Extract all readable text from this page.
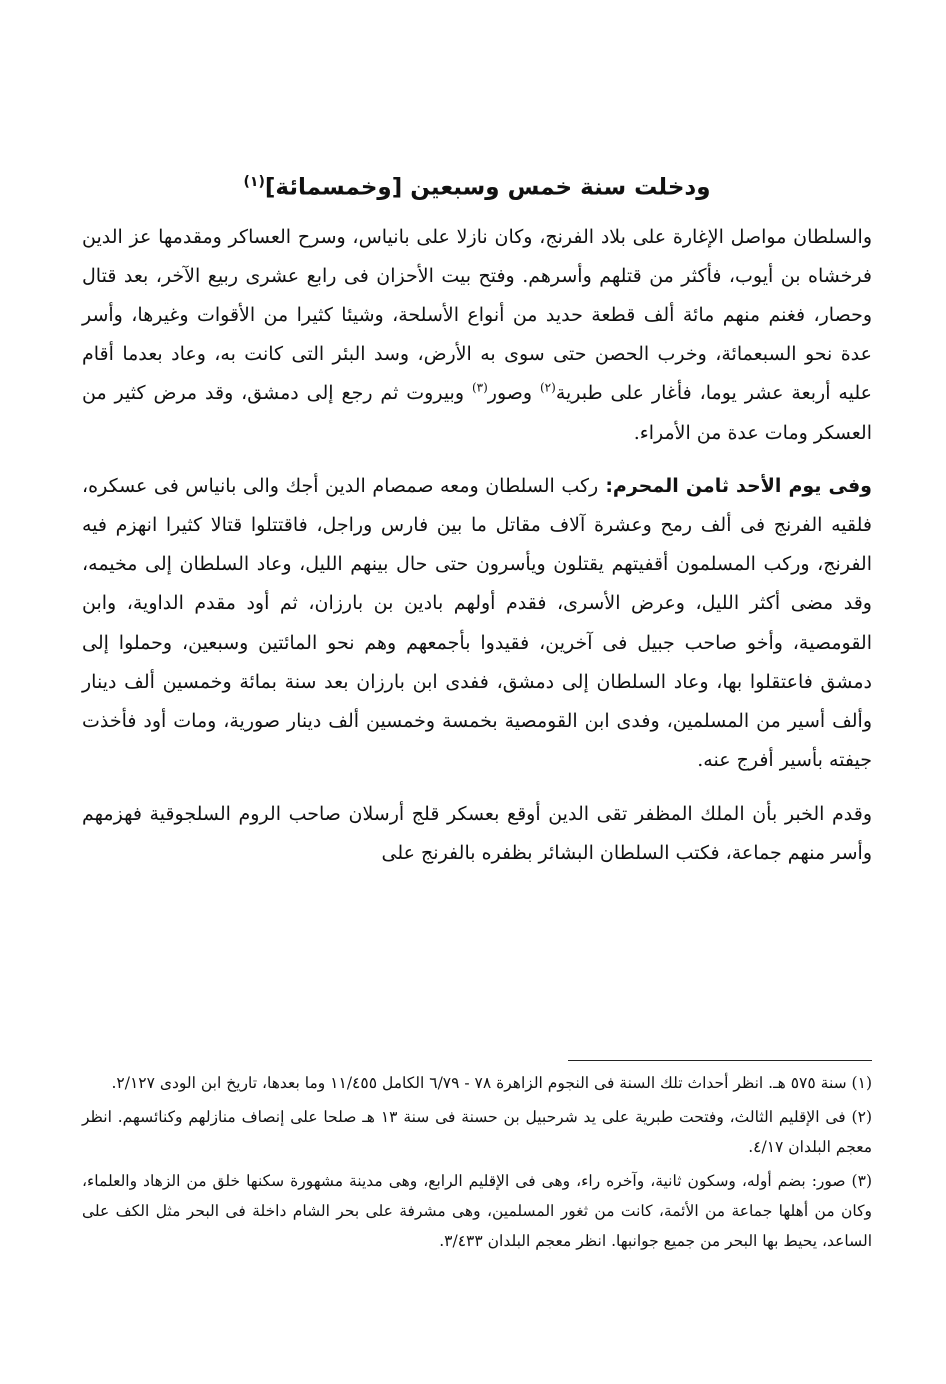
ودخلت سنة خمس وسبعين [وخمسمائة]$^{(١)}$

والسلطان مواصل الإغارة على بلاد الفرنج، وكان نازلا على بانياس، وسرح العساكر ومقدمها عز الدين فرخشاه بن أيوب، فأكثر من قتلهم وأسرهم. وفتح بيت الأحزان فى رابع عشرى ربيع الآخر، بعد قتال وحصار، فغنم منهم مائة ألف قطعة حديد من أنواع الأسلحة، وشيئا كثيرا من الأقوات وغيرها، وأسر عدة نحو السبعمائة، وخرب الحصن حتى سوى به الأرض، وسد البئر التى كانت به، وعاد بعدما أقام عليه أربعة عشر يوما، فأغار على طبرية$^{(٢)}$ وصور$^{(٣)}$ وبيروت ثم رجع إلى دمشق، وقد مرض كثير من العسكر ومات عدة من الأمراء.

وفى يوم الأحد ثامن المحرم: ركب السلطان ومعه صمصام الدين أجك والى بانياس فى عسكره، فلقيه الفرنج فى ألف رمح وعشرة آلاف مقاتل ما بين فارس وراجل، فاقتتلوا قتالا كثيرا انهزم فيه الفرنج، وركب المسلمون أقفيتهم يقتلون ويأسرون حتى حال بينهم الليل، وعاد السلطان إلى مخيمه، وقد مضى أكثر الليل، وعرض الأسرى، فقدم أولهم بادين بن بارزان، ثم أود مقدم الداوية، وابن القومصية، وأخو صاحب جبيل فى آخرين، فقيدوا بأجمعهم وهم نحو المائتين وسبعين، وحملوا إلى دمشق فاعتقلوا بها، وعاد السلطان إلى دمشق، ففدى ابن بارزان بعد سنة بمائة وخمسين ألف دينار وألف أسير من المسلمين، وفدى ابن القومصية بخمسة وخمسين ألف دينار صورية، ومات أود فأخذت جيفته بأسير أفرج عنه.

وقدم الخبر بأن الملك المظفر تقى الدين أوقع بعسكر قلج أرسلان صاحب الروم السلجوقية فهزمهم وأسر منهم جماعة، فكتب السلطان البشائر بظفره بالفرنج على

(١) سنة ٥٧٥ هـ. انظر أحداث تلك السنة فى النجوم الزاهرة ٧٨ - ٦/٧٩ الكامل ١١/٤٥٥ وما بعدها، تاريخ ابن الودى ٢/١٢٧.

(٢) فى الإقليم الثالث، وفتحت طبرية على يد شرحبيل بن حسنة فى سنة ١٣ هـ صلحا على إنصاف منازلهم وكنائسهم. انظر معجم البلدان ٤/١٧.

(٣) صور: بضم أوله، وسكون ثانية، وآخره راء، وهى فى الإقليم الرابع، وهى مدينة مشهورة سكنها خلق من الزهاد والعلماء، وكان من أهلها جماعة من الأئمة، كانت من ثغور المسلمين، وهى مشرفة على بحر الشام داخلة فى البحر مثل الكف على الساعد، يحيط بها البحر من جميع جوانبها. انظر معجم البلدان ٣/٤٣٣.
